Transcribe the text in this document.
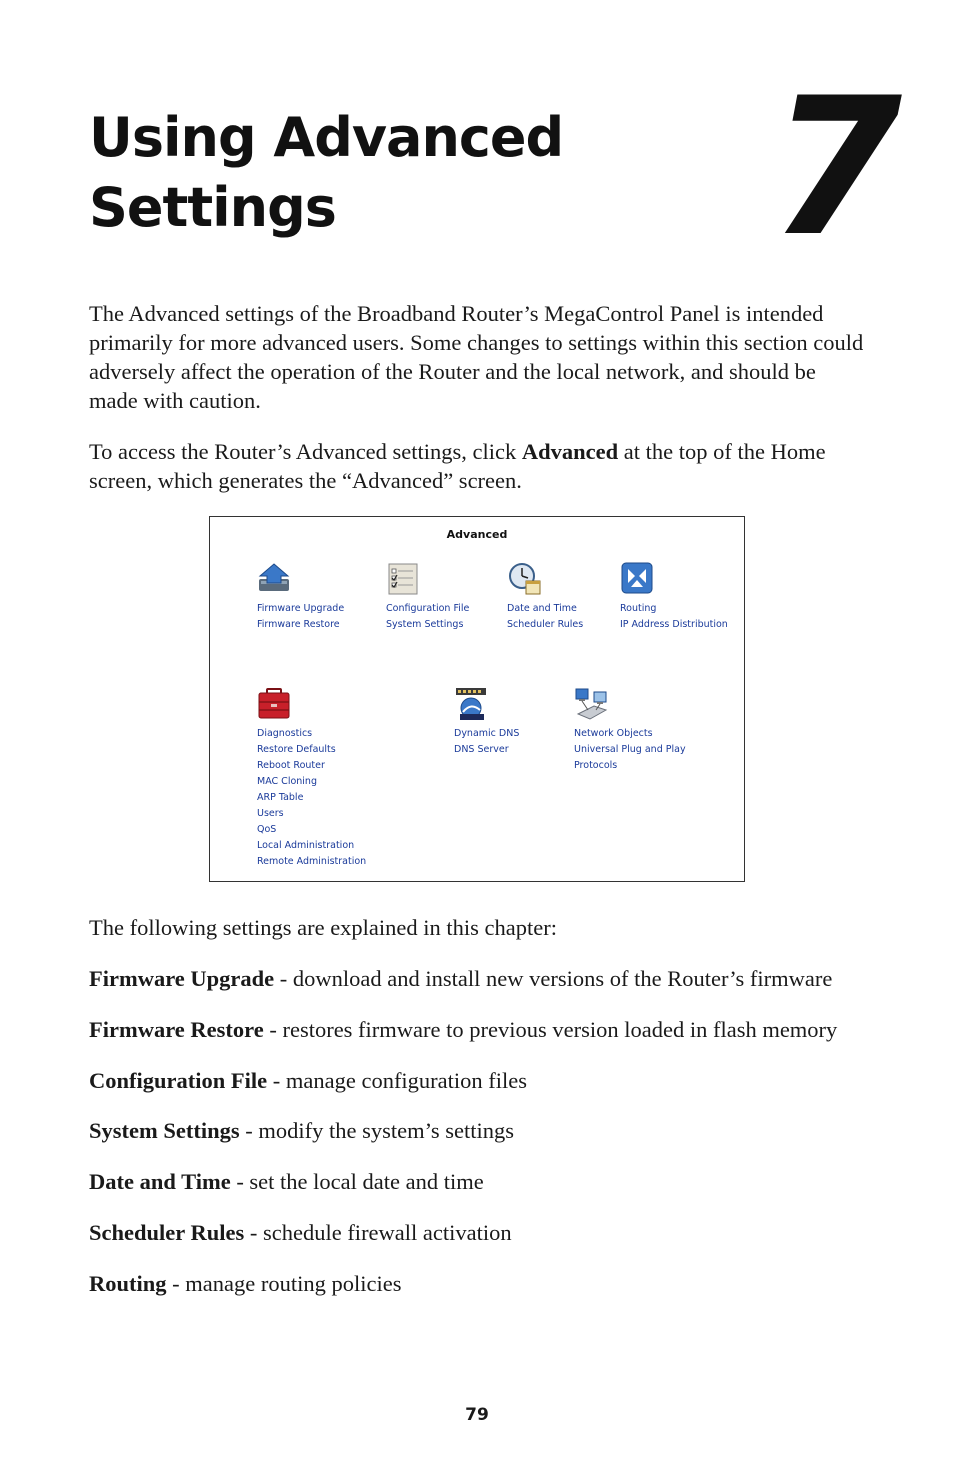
Using Advanced
Settings	7

The Advanced settings of the Broadband Router’s MegaControl Panel is intended primarily for more advanced users. Some changes to settings within this section could adversely affect the operation of the Router and the local network, and should be made with caution.

To access the Router’s Advanced settings, click Advanced at the top of the Home screen, which generates the “Advanced” screen.

Advanced
Firmware Upgrade
Firmware Restore
Configuration File
System Settings
Date and Time
Scheduler Rules
Routing
IP Address Distribution
Diagnostics
Restore Defaults
Reboot Router
MAC Cloning
ARP Table
Users
QoS
Local Administration
Remote Administration
Dynamic DNS
DNS Server
Network Objects
Universal Plug and Play
Protocols

The following settings are explained in this chapter:

Firmware Upgrade - download and install new versions of the Router’s firmware
Firmware Restore - restores firmware to previous version loaded in flash memory
Configuration File - manage configuration files
System Settings - modify the system’s settings
Date and Time - set the local date and time
Scheduler Rules - schedule firewall activation
Routing - manage routing policies
79
